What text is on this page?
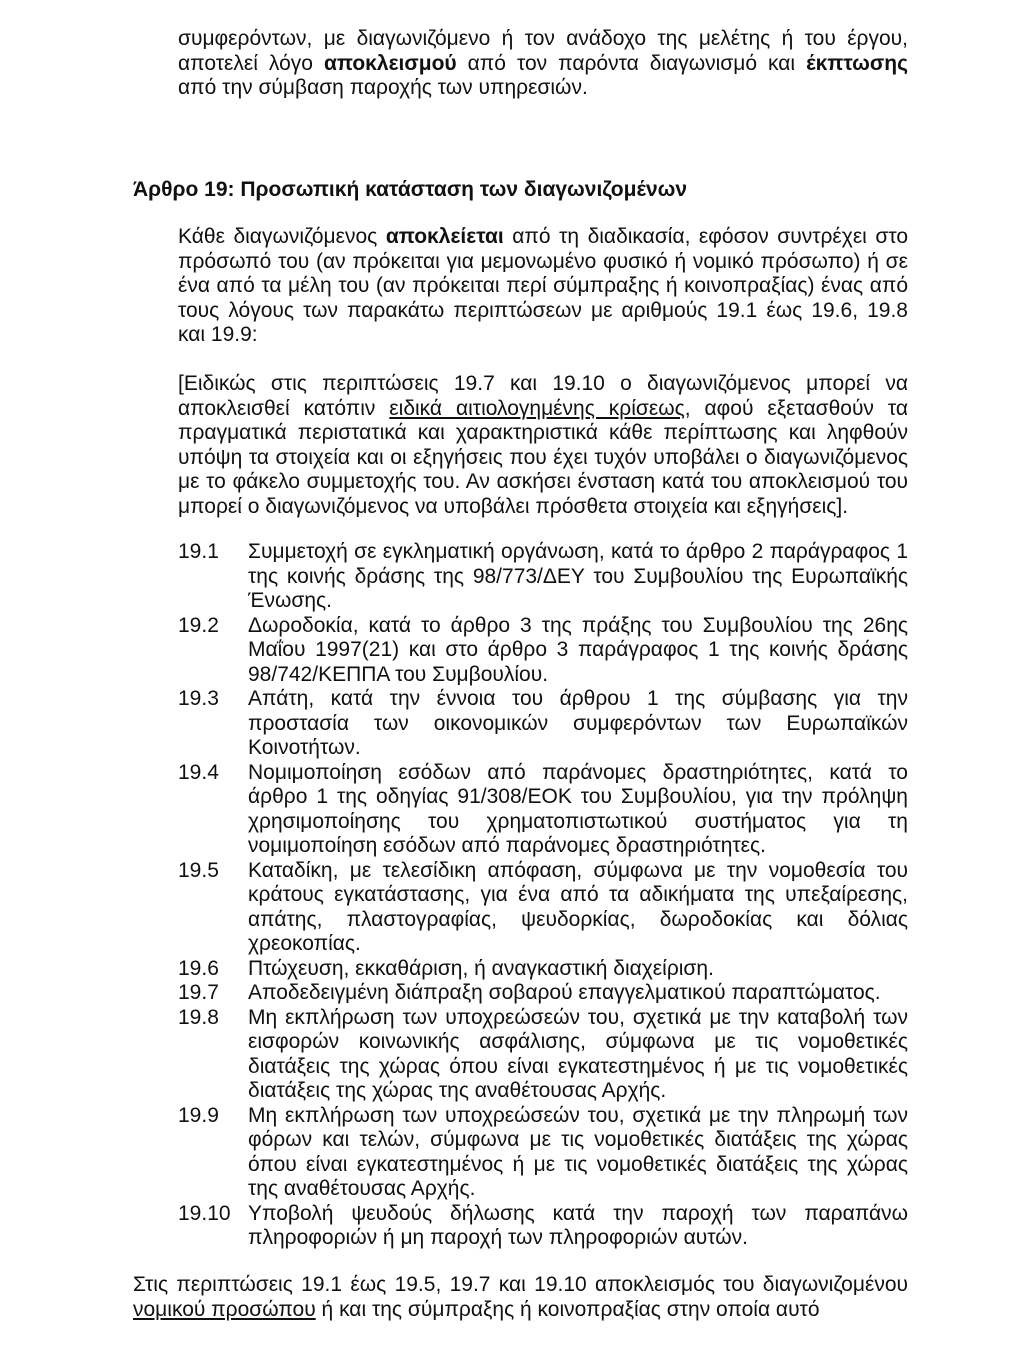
συμφερόντων, με διαγωνιζόμενο ή τον ανάδοχο της μελέτης ή του έργου, αποτελεί λόγο αποκλεισμού από τον παρόντα διαγωνισμό και έκπτωσης από την σύμβαση παροχής των υπηρεσιών.
Άρθρο 19: Προσωπική κατάσταση των διαγωνιζομένων
Κάθε διαγωνιζόμενος αποκλείεται από τη διαδικασία, εφόσον συντρέχει στο πρόσωπό του (αν πρόκειται για μεμονωμένο φυσικό ή νομικό πρόσωπο) ή σε ένα από τα μέλη του (αν πρόκειται περί σύμπραξης ή κοινοπραξίας) ένας από τους λόγους των παρακάτω περιπτώσεων με αριθμούς 19.1 έως 19.6, 19.8 και 19.9:
[Ειδικώς στις περιπτώσεις 19.7 και 19.10 ο διαγωνιζόμενος μπορεί να αποκλεισθεί κατόπιν ειδικά αιτιολογημένης κρίσεως, αφού εξετασθούν τα πραγματικά περιστατικά και χαρακτηριστικά κάθε περίπτωσης και ληφθούν υπόψη τα στοιχεία και οι εξηγήσεις που έχει τυχόν υποβάλει ο διαγωνιζόμενος με το φάκελο συμμετοχής του. Αν ασκήσει ένσταση κατά του αποκλεισμού του μπορεί ο διαγωνιζόμενος να υποβάλει πρόσθετα στοιχεία και εξηγήσεις].
19.1	Συμμετοχή σε εγκληματική οργάνωση, κατά το άρθρο 2 παράγραφος 1 της κοινής δράσης της 98/773/ΔΕΥ του Συμβουλίου της Ευρωπαϊκής Ένωσης.
19.2	Δωροδοκία, κατά το άρθρο 3 της πράξης του Συμβουλίου της 26ης Μαΐου 1997(21) και στο άρθρο 3 παράγραφος 1 της κοινής δράσης 98/742/ΚΕΠΠΑ του Συμβουλίου.
19.3	Απάτη, κατά την έννοια του άρθρου 1 της σύμβασης για την προστασία των οικονομικών συμφερόντων των Ευρωπαϊκών Κοινοτήτων.
19.4	Νομιμοποίηση εσόδων από παράνομες δραστηριότητες, κατά το άρθρο 1 της οδηγίας 91/308/ΕΟΚ του Συμβουλίου, για την πρόληψη χρησιμοποίησης του χρηματοπιστωτικού συστήματος για τη νομιμοποίηση εσόδων από παράνομες δραστηριότητες.
19.5	Καταδίκη, με τελεσίδικη απόφαση, σύμφωνα με την νομοθεσία του κράτους εγκατάστασης, για ένα από τα αδικήματα της υπεξαίρεσης, απάτης, πλαστογραφίας, ψευδορκίας, δωροδοκίας και δόλιας χρεοκοπίας.
19.6	Πτώχευση, εκκαθάριση, ή αναγκαστική διαχείριση.
19.7	Αποδεδειγμένη διάπραξη σοβαρού επαγγελματικού παραπτώματος.
19.8	Μη εκπλήρωση των υποχρεώσεών του, σχετικά με την καταβολή των εισφορών κοινωνικής ασφάλισης, σύμφωνα με τις νομοθετικές διατάξεις της χώρας όπου είναι εγκατεστημένος ή με τις νομοθετικές διατάξεις της χώρας της αναθέτουσας Αρχής.
19.9	Μη εκπλήρωση των υποχρεώσεών του, σχετικά με την πληρωμή των φόρων και τελών, σύμφωνα με τις νομοθετικές διατάξεις της χώρας όπου είναι εγκατεστημένος ή με τις νομοθετικές διατάξεις της χώρας της αναθέτουσας Αρχής.
19.10 Υποβολή ψευδούς δήλωσης κατά την παροχή των παραπάνω πληροφοριών ή μη παροχή των πληροφοριών αυτών.
Στις περιπτώσεις 19.1 έως 19.5, 19.7 και 19.10 αποκλεισμός του διαγωνιζομένου νομικού προσώπου ή και της σύμπραξης ή κοινοπραξίας στην οποία αυτό
